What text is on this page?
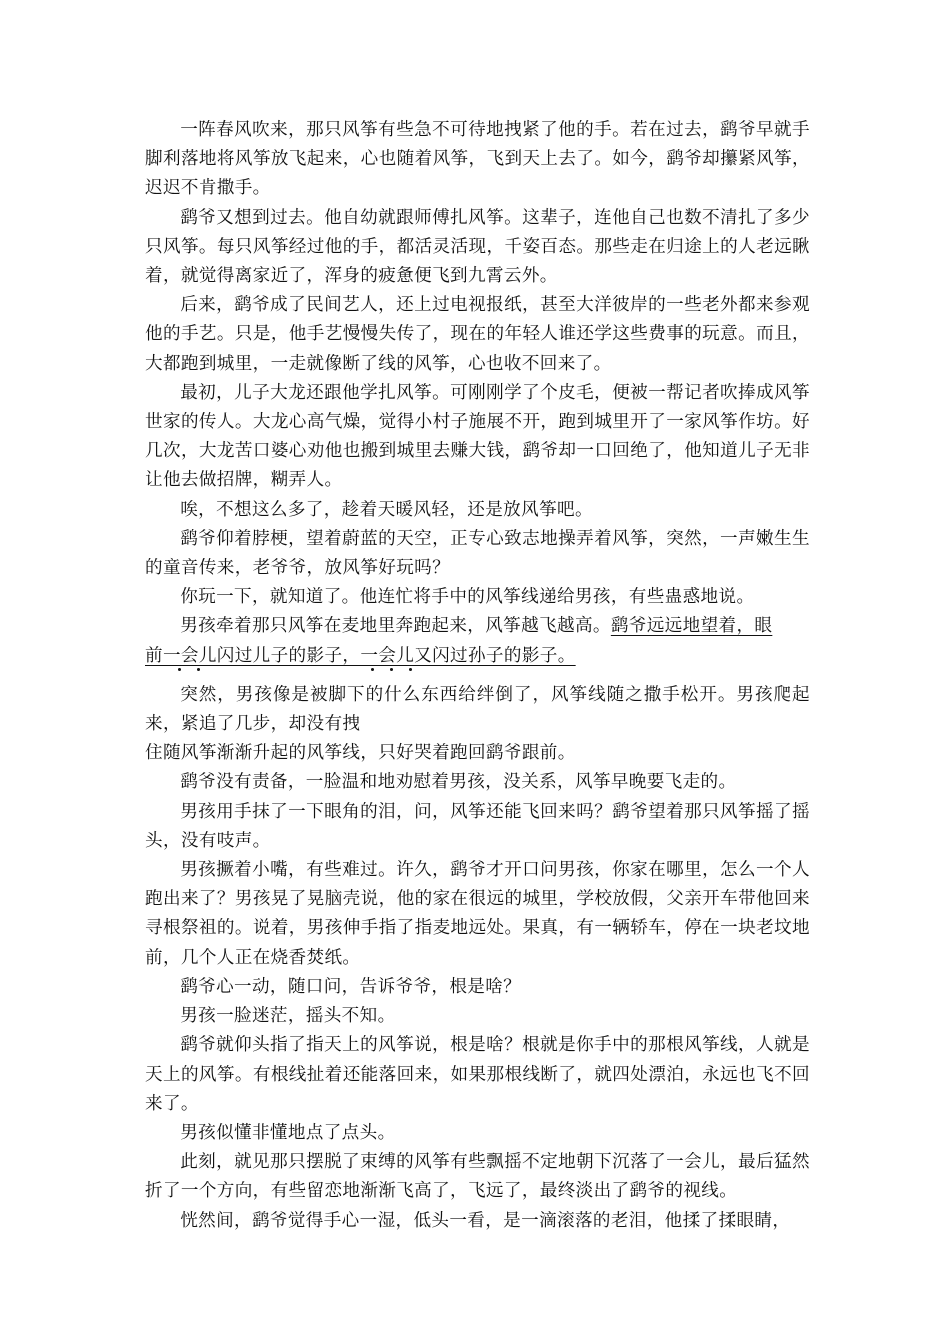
一阵春风吹来，那只风筝有些急不可待地拽紧了他的手。若在过去，鹞爷早就手脚利落地将风筝放飞起来，心也随着风筝，飞到天上去了。如今，鹞爷却攥紧风筝，迟迟不肯撒手。

鹞爷又想到过去。他自幼就跟师傅扎风筝。这辈子，连他自己也数不清扎了多少只风筝。每只风筝经过他的手，都活灵活现，千姿百态。那些走在归途上的人老远瞅着，就觉得离家近了，浑身的疲惫便飞到九霄云外。

后来，鹞爷成了民间艺人，还上过电视报纸，甚至大洋彼岸的一些老外都来参观他的手艺。只是，他手艺慢慢失传了，现在的年轻人谁还学这些费事的玩意。而且，大都跑到城里，一走就像断了线的风筝，心也收不回来了。

最初，儿子大龙还跟他学扎风筝。可刚刚学了个皮毛，便被一帮记者吹捧成风筝世家的传人。大龙心高气燥，觉得小村子施展不开，跑到城里开了一家风筝作坊。好几次，大龙苦口婆心劝他也搬到城里去赚大钱，鹞爷却一口回绝了，他知道儿子无非让他去做招牌，糊弄人。

唉，不想这么多了，趁着天暖风轻，还是放风筝吧。

鹞爷仰着脖梗，望着蔚蓝的天空，正专心致志地操弄着风筝，突然，一声嫩生生的童音传来，老爷爷，放风筝好玩吗？

你玩一下，就知道了。他连忙将手中的风筝线递给男孩，有些蛊惑地说。

男孩牵着那只风筝在麦地里奔跑起来，风筝越飞越高。鹞爷远远地望着，眼
前一会儿闪过儿子的影子，一会儿又闪过孙子的影子。

突然，男孩像是被脚下的什么东西给绊倒了，风筝线随之撒手松开。男孩爬起来，紧追了几步，却没有拽

住随风筝渐渐升起的风筝线，只好哭着跑回鹞爷跟前。

鹞爷没有责备，一脸温和地劝慰着男孩，没关系，风筝早晚要飞走的。

男孩用手抹了一下眼角的泪，问，风筝还能飞回来吗？鹞爷望着那只风筝摇了摇头，没有吱声。

男孩撅着小嘴，有些难过。许久，鹞爷才开口问男孩，你家在哪里，怎么一个人跑出来了？男孩晃了晃脑壳说，他的家在很远的城里，学校放假，父亲开车带他回来寻根祭祖的。说着，男孩伸手指了指麦地远处。果真，有一辆轿车，停在一块老坟地前，几个人正在烧香焚纸。

鹞爷心一动，随口问，告诉爷爷，根是啥？

男孩一脸迷茫，摇头不知。

鹞爷就仰头指了指天上的风筝说，根是啥？根就是你手中的那根风筝线，人就是天上的风筝。有根线扯着还能落回来，如果那根线断了，就四处漂泊，永远也飞不回来了。

男孩似懂非懂地点了点头。

此刻，就见那只摆脱了束缚的风筝有些飘摇不定地朝下沉落了一会儿，最后猛然折了一个方向，有些留恋地渐渐飞高了，飞远了，最终淡出了鹞爷的视线。

恍然间，鹞爷觉得手心一湿，低头一看，是一滴滚落的老泪，他揉了揉眼睛，
